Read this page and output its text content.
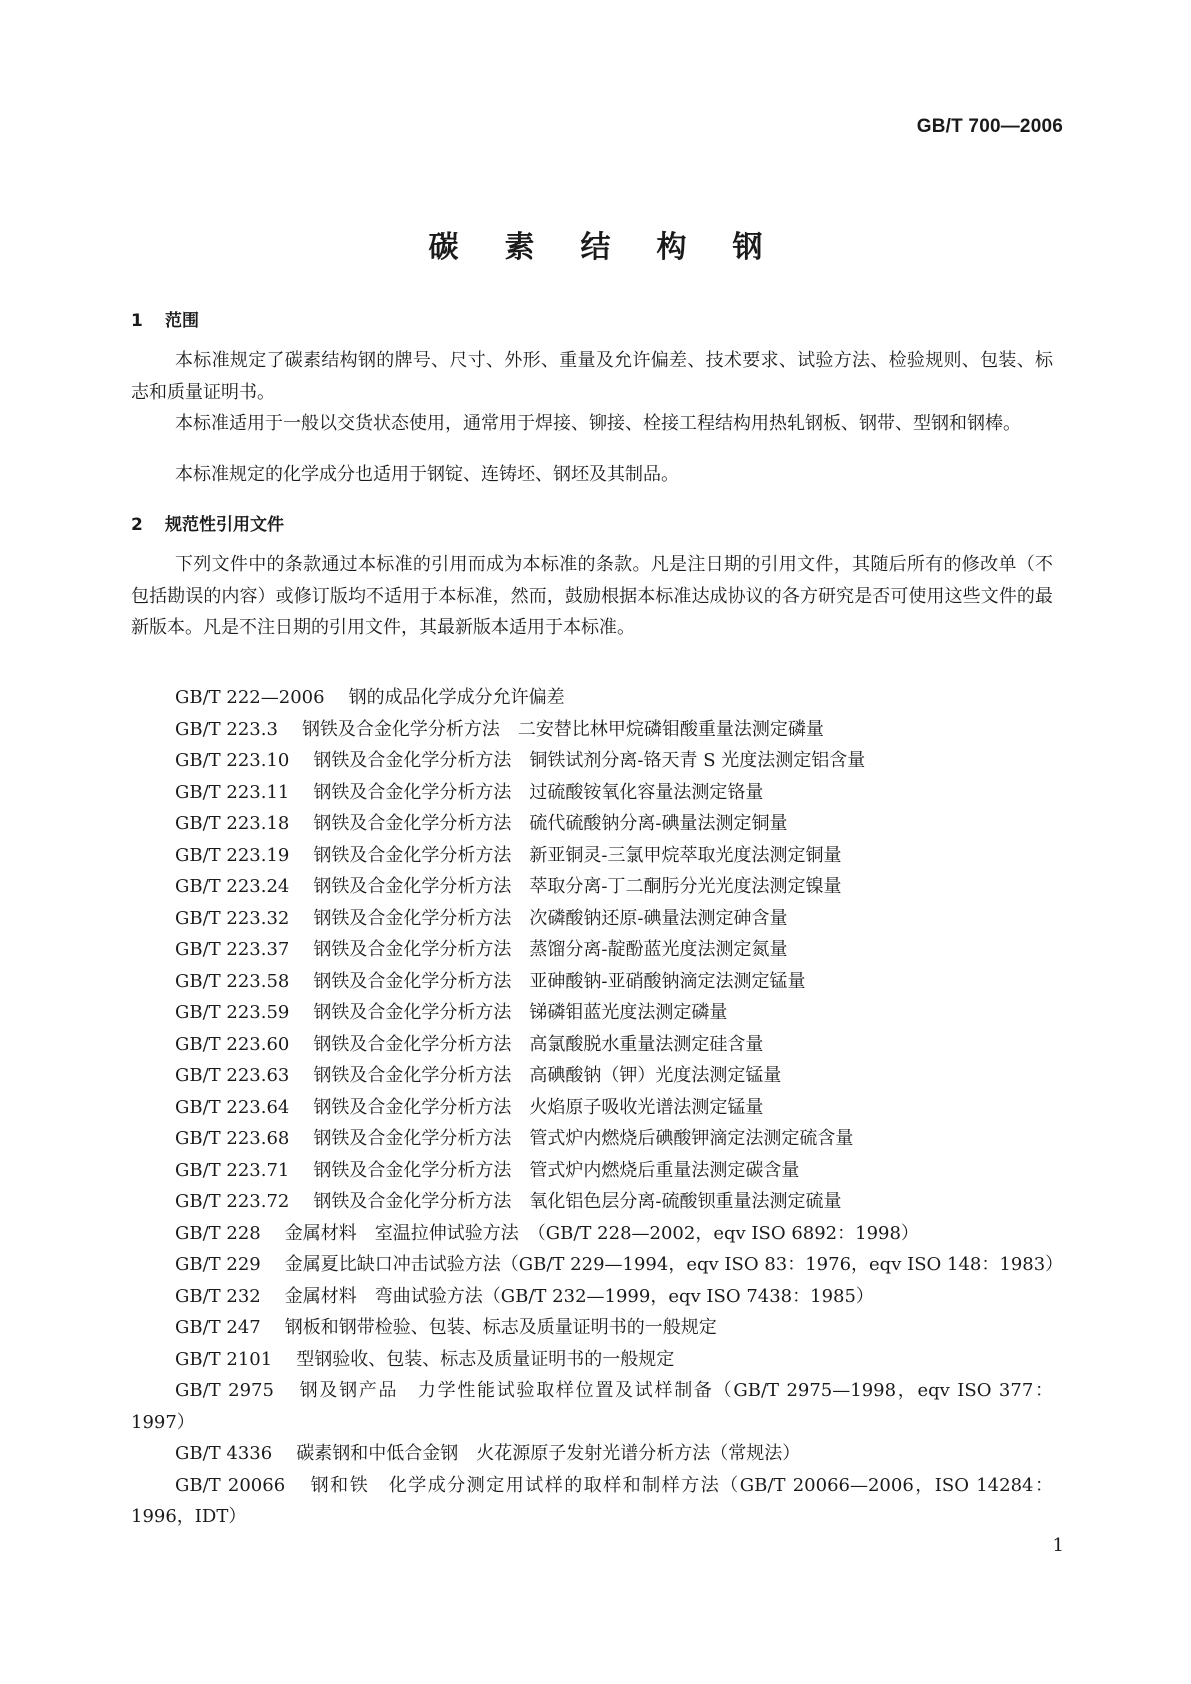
GB/T 700—2006
碳素结构钢
1 范围
本标准规定了碳素结构钢的牌号、尺寸、外形、重量及允许偏差、技术要求、试验方法、检验规则、包装、标志和质量证明书。
本标准适用于一般以交货状态使用，通常用于焊接、铆接、栓接工程结构用热轧钢板、钢带、型钢和钢棒。
本标准规定的化学成分也适用于钢锭、连铸坯、钢坯及其制品。
2 规范性引用文件
下列文件中的条款通过本标准的引用而成为本标准的条款。凡是注日期的引用文件，其随后所有的修改单（不包括勘误的内容）或修订版均不适用于本标准，然而，鼓励根据本标准达成协议的各方研究是否可使用这些文件的最新版本。凡是不注日期的引用文件，其最新版本适用于本标准。
GB/T 222—2006 钢的成品化学成分允许偏差
GB/T 223.3 钢铁及合金化学分析方法　二安替比林甲烷磷钼酸重量法测定磷量
GB/T 223.10 钢铁及合金化学分析方法　铜铁试剂分离-铬天青 S 光度法测定铝含量
GB/T 223.11 钢铁及合金化学分析方法　过硫酸铵氧化容量法测定铬量
GB/T 223.18 钢铁及合金化学分析方法　硫代硫酸钠分离-碘量法测定铜量
GB/T 223.19 钢铁及合金化学分析方法　新亚铜灵-三氯甲烷萃取光度法测定铜量
GB/T 223.24 钢铁及合金化学分析方法　萃取分离-丁二酮肟分光光度法测定镍量
GB/T 223.32 钢铁及合金化学分析方法　次磷酸钠还原-碘量法测定砷含量
GB/T 223.37 钢铁及合金化学分析方法　蒸馏分离-靛酚蓝光度法测定氮量
GB/T 223.58 钢铁及合金化学分析方法　亚砷酸钠-亚硝酸钠滴定法测定锰量
GB/T 223.59 钢铁及合金化学分析方法　锑磷钼蓝光度法测定磷量
GB/T 223.60 钢铁及合金化学分析方法　高氯酸脱水重量法测定硅含量
GB/T 223.63 钢铁及合金化学分析方法　高碘酸钠（钾）光度法测定锰量
GB/T 223.64 钢铁及合金化学分析方法　火焰原子吸收光谱法测定锰量
GB/T 223.68 钢铁及合金化学分析方法　管式炉内燃烧后碘酸钾滴定法测定硫含量
GB/T 223.71 钢铁及合金化学分析方法　管式炉内燃烧后重量法测定碳含量
GB/T 223.72 钢铁及合金化学分析方法　氧化铝色层分离-硫酸钡重量法测定硫量
GB/T 228 金属材料　室温拉伸试验方法　（GB/T 228—2002，eqv ISO 6892：1998）
GB/T 229 金属夏比缺口冲击试验方法（GB/T 229—1994，eqv ISO 83：1976，eqv ISO 148：1983）
GB/T 232 金属材料　弯曲试验方法（GB/T 232—1999，eqv ISO 7438：1985）
GB/T 247 钢板和钢带检验、包装、标志及质量证明书的一般规定
GB/T 2101 型钢验收、包装、标志及质量证明书的一般规定
GB/T 2975 钢及钢产品　力学性能试验取样位置及试样制备（GB/T 2975—1998，eqv ISO 377：1997）
GB/T 4336 碳素钢和中低合金钢　火花源原子发射光谱分析方法（常规法）
GB/T 20066 钢和铁　化学成分测定用试样的取样和制样方法（GB/T 20066—2006，ISO 14284：1996，IDT）
1
